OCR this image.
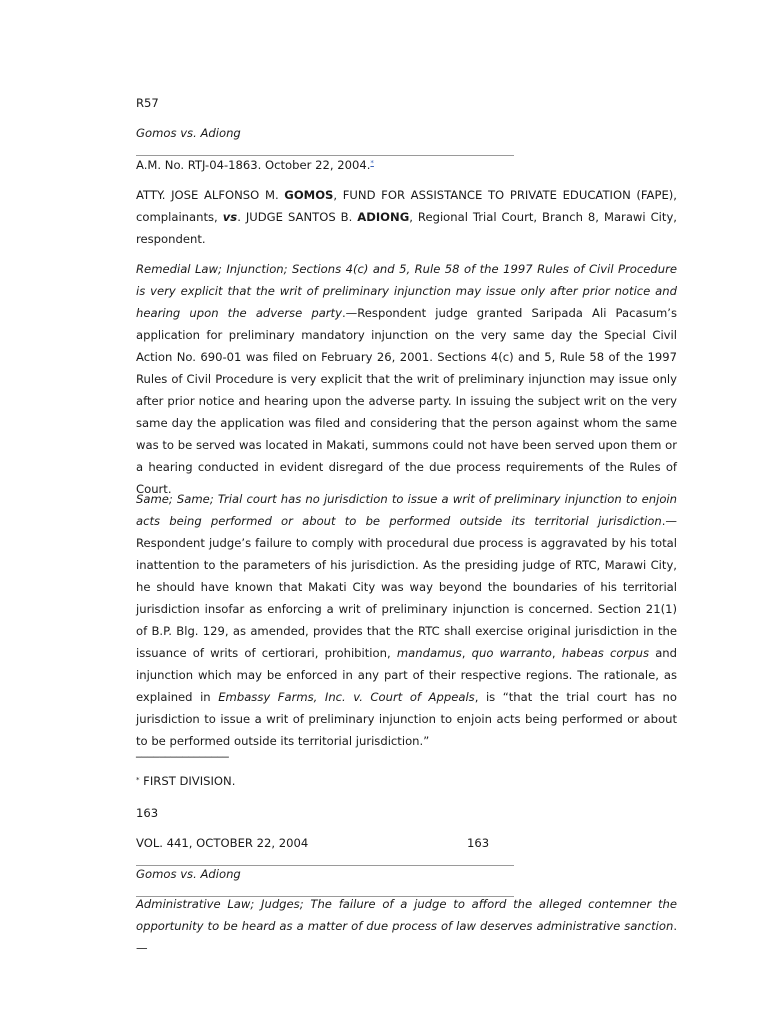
R57
Gomos vs. Adiong
A.M. No. RTJ-04-1863. October 22, 2004.*
ATTY. JOSE ALFONSO M. GOMOS, FUND FOR ASSISTANCE TO PRIVATE EDUCATION (FAPE), complainants, vs. JUDGE SANTOS B. ADIONG, Regional Trial Court, Branch 8, Marawi City, respondent.
Remedial Law; Injunction; Sections 4(c) and 5, Rule 58 of the 1997 Rules of Civil Procedure is very explicit that the writ of preliminary injunction may issue only after prior notice and hearing upon the adverse party.—Respondent judge granted Saripada Ali Pacasum’s application for preliminary mandatory injunction on the very same day the Special Civil Action No. 690-01 was filed on February 26, 2001. Sections 4(c) and 5, Rule 58 of the 1997 Rules of Civil Procedure is very explicit that the writ of preliminary injunction may issue only after prior notice and hearing upon the adverse party. In issuing the subject writ on the very same day the application was filed and considering that the person against whom the same was to be served was located in Makati, summons could not have been served upon them or a hearing conducted in evident disregard of the due process requirements of the Rules of Court.
Same; Same; Trial court has no jurisdiction to issue a writ of preliminary injunction to enjoin acts being performed or about to be performed outside its territorial jurisdiction.—Respondent judge’s failure to comply with procedural due process is aggravated by his total inattention to the parameters of his jurisdiction. As the presiding judge of RTC, Marawi City, he should have known that Makati City was way beyond the boundaries of his territorial jurisdiction insofar as enforcing a writ of preliminary injunction is concerned. Section 21(1) of B.P. Blg. 129, as amended, provides that the RTC shall exercise original jurisdiction in the issuance of writs of certiorari, prohibition, mandamus, quo warranto, habeas corpus and injunction which may be enforced in any part of their respective regions. The rationale, as explained in Embassy Farms, Inc. v. Court of Appeals, is “that the trial court has no jurisdiction to issue a writ of preliminary injunction to enjoin acts being performed or about to be performed outside its territorial jurisdiction.”
________________
* FIRST DIVISION.
163
VOL. 441, OCTOBER 22, 2004	163
Gomos vs. Adiong
Administrative Law; Judges; The failure of a judge to afford the alleged contemner the opportunity to be heard as a matter of due process of law deserves administrative sanction.—
